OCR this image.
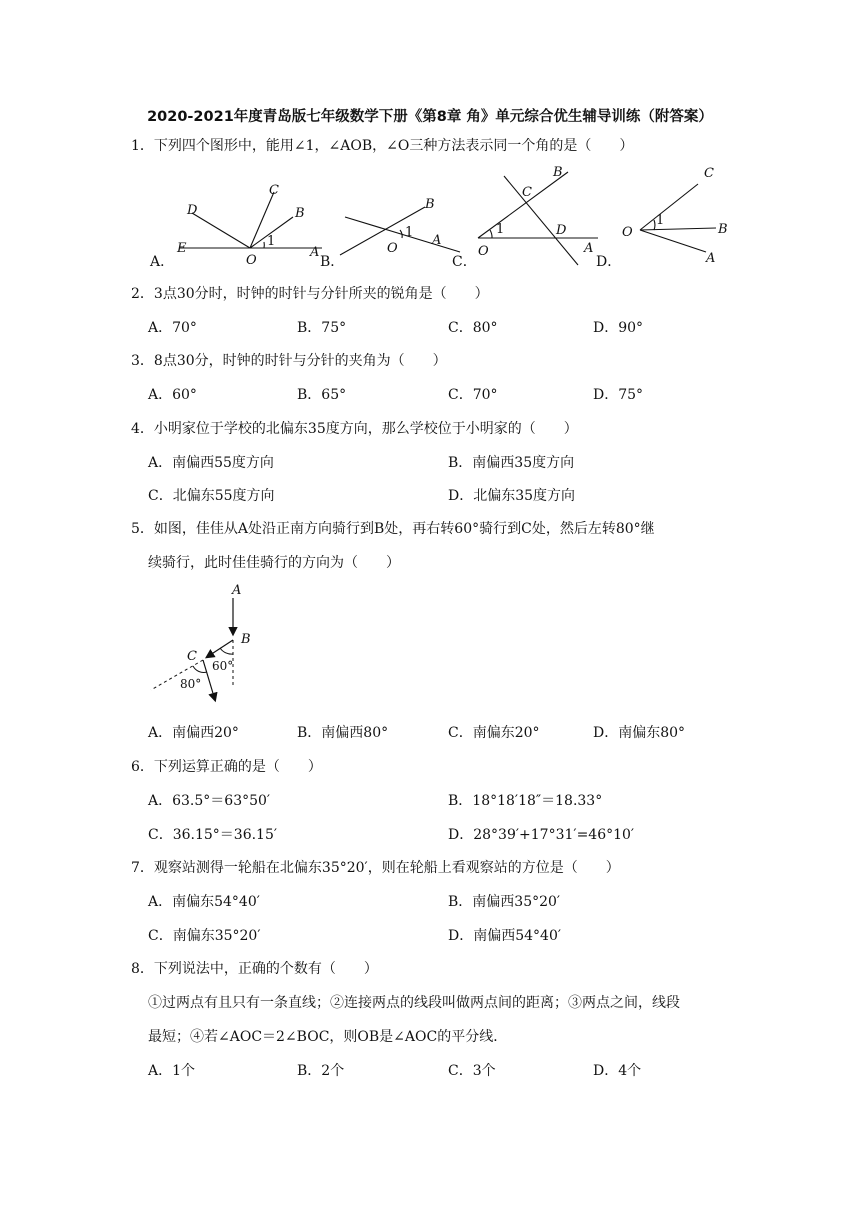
2020-2021年度青岛版七年级数学下册《第8章 角》单元综合优生辅导训练（附答案）
1．下列四个图形中，能用∠1，∠AOB，∠O三种方法表示同一个角的是（　　）
D
C
B
1
E
O
A
A．
B
1
O
A
B．
B
C
1
O
D
A
C．
C
1
O	B
A
D．
2．3点30分时，时钟的时针与分针所夹的锐角是（　　）
A．70°	B．75°	C．80°	D．90°
3．8点30分，时钟的时针与分针的夹角为（　　）
A．60°	B．65°	C．70°	D．75°
4．小明家位于学校的北偏东35度方向，那么学校位于小明家的（　　）
A．南偏西55度方向	B．南偏西35度方向
C．北偏东55度方向	D．北偏东35度方向
5．如图，佳佳从A处沿正南方向骑行到B处，再右转60°骑行到C处，然后左转80°继
续骑行，此时佳佳骑行的方向为（　　）
A
B
C
60°
80°
A．南偏西20°	B．南偏西80°	C．南偏东20°	D．南偏东80°
6．下列运算正确的是（　　）
A．63.5°＝63°50′	B．18°18′18″＝18.33°
C．36.15°＝36.15′	D．28°39′+17°31′=46°10′
7．观察站测得一轮船在北偏东35°20′，则在轮船上看观察站的方位是（　　）
A．南偏东54°40′	B．南偏西35°20′
C．南偏东35°20′	D．南偏西54°40′
8．下列说法中，正确的个数有（　　）
①过两点有且只有一条直线；②连接两点的线段叫做两点间的距离；③两点之间，线段
最短；④若∠AOC＝2∠BOC，则OB是∠AOC的平分线．
A．1个	B．2个	C．3个	D．4个
